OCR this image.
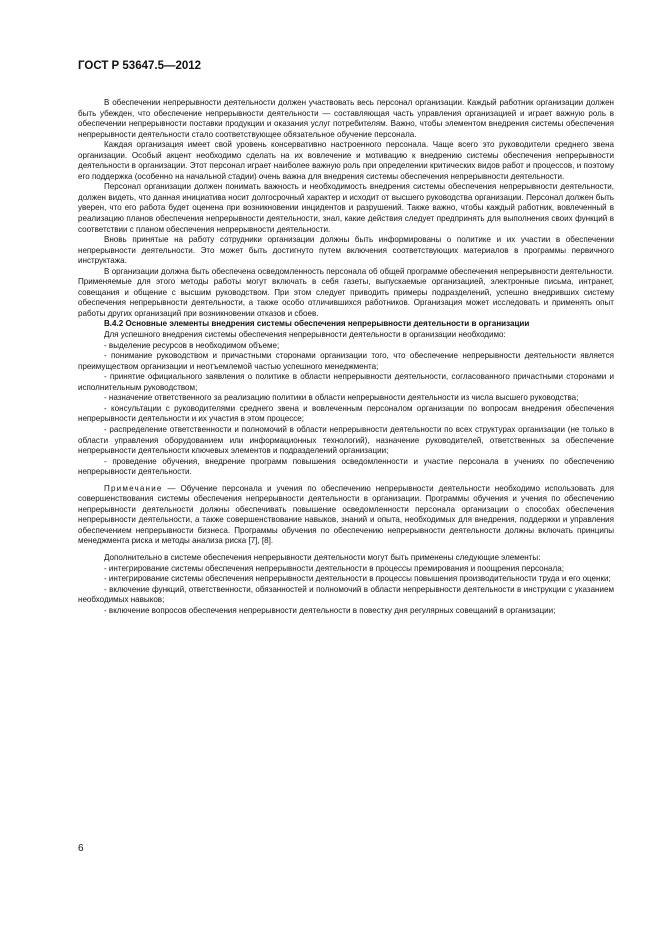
ГОСТ Р 53647.5—2012

В обеспечении непрерывности деятельности должен участвовать весь персонал организации. Каждый работник организации должен быть убежден, что обеспечение непрерывности деятельности — составляющая часть управления организацией и играет важную роль в обеспечении непрерывности поставки продукции и оказания услуг потребителям. Важно, чтобы элементом внедрения системы обеспечения непрерывности деятельности стало соответствующее обязательное обучение персонала.

Каждая организация имеет свой уровень консервативно настроенного персонала. Чаще всего это руководители среднего звена организации. Особый акцент необходимо сделать на их вовлечение и мотивацию к внедрению системы обеспечения непрерывности деятельности в организации. Этот персонал играет наиболее важную роль при определении критических видов работ и процессов, и поэтому его поддержка (особенно на начальной стадии) очень важна для внедрения системы обеспечения непрерывности деятельности.

Персонал организации должен понимать важность и необходимость внедрения системы обеспечения непрерывности деятельности, должен видеть, что данная инициатива носит долгосрочный характер и исходит от высшего руководства организации. Персонал должен быть уверен, что его работа будет оценена при возникновении инцидентов и разрушений. Также важно, чтобы каждый работник, вовлеченный в реализацию планов обеспечения непрерывности деятельности, знал, какие действия следует предпринять для выполнения своих функций в соответствии с планом обеспечения непрерывности деятельности.

Вновь принятые на работу сотрудники организации должны быть информированы о политике и их участии в обеспечении непрерывности деятельности. Это может быть достигнуто путем включения соответствующих материалов в программы первичного инструктажа.

В организации должна быть обеспечена осведомленность персонала об общей программе обеспечения непрерывности деятельности. Применяемые для этого методы работы могут включать в себя газеты, выпускаемые организацией, электронные письма, интранет, совещания и общение с высшим руководством. При этом следует приводить примеры подразделений, успешно внедривших систему обеспечения непрерывности деятельности, а также особо отличившихся работников. Организация может исследовать и применять опыт работы других организаций при возникновении отказов и сбоев.

В.4.2 Основные элементы внедрения системы обеспечения непрерывности деятельности в организации

Для успешного внедрения системы обеспечения непрерывности деятельности в организации необходимо:

- выделение ресурсов в необходимом объеме;

- понимание руководством и причастными сторонами организации того, что обеспечение непрерывности деятельности является преимуществом организации и неотъемлемой частью успешного менеджмента;

- принятие официального заявления о политике в области непрерывности деятельности, согласованного причастными сторонами и исполнительным руководством;

- назначение ответственного за реализацию политики в области непрерывности деятельности из числа высшего руководства;

- консультации с руководителями среднего звена и вовлеченным персоналом организации по вопросам внедрения обеспечения непрерывности деятельности и их участия в этом процессе;

- распределение ответственности и полномочий в области непрерывности деятельности по всех структурах организации (не только в области управления оборудованием или информационных технологий), назначение руководителей, ответственных за обеспечение непрерывности деятельности ключевых элементов и подразделений организации;

- проведение обучения, внедрение программ повышения осведомленности и участие персонала в учениях по обеспечению непрерывности деятельности.

Примечание — Обучение персонала и учения по обеспечению непрерывности деятельности необходимо использовать для совершенствования системы обеспечения непрерывности деятельности в организации. Программы обучения и учения по обеспечению непрерывности деятельности должны обеспечивать повышение осведомленности персонала организации о способах обеспечения непрерывности деятельности, а также совершенствование навыков, знаний и опыта, необходимых для внедрения, поддержки и управления обеспечением непрерывности бизнеса. Программы обучения по обеспечению непрерывности деятельности должны включать принципы менеджмента риска и методы анализа риска [7], [8].

Дополнительно в системе обеспечения непрерывности деятельности могут быть применены следующие элементы:

- интегрирование системы обеспечения непрерывности деятельности в процессы премирования и поощрения персонала;

- интегрирование системы обеспечения непрерывности деятельности в процессы повышения производительности труда и его оценки;

- включение функций, ответственности, обязанностей и полномочий в области непрерывности деятельности в инструкции с указанием необходимых навыков;

- включение вопросов обеспечения непрерывности деятельности в повестку дня регулярных совещаний в организации;

6
